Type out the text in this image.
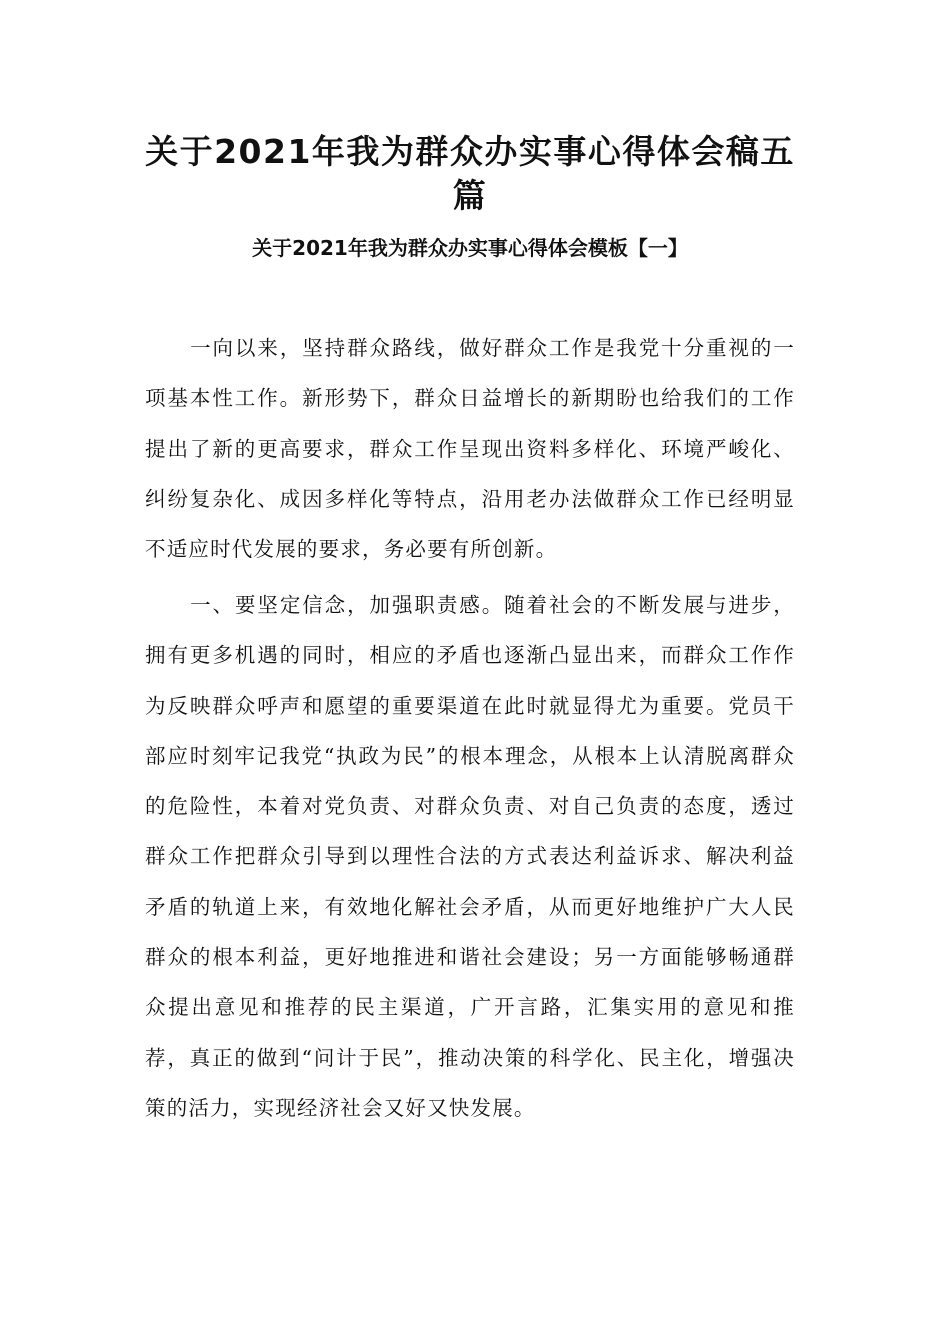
关于2021年我为群众办实事心得体会稿五篇
关于2021年我为群众办实事心得体会模板【一】

一向以来，坚持群众路线，做好群众工作是我党十分重视的一项基本性工作。新形势下，群众日益增长的新期盼也给我们的工作提出了新的更高要求，群众工作呈现出资料多样化、环境严峻化、纠纷复杂化、成因多样化等特点，沿用老办法做群众工作已经明显不适应时代发展的要求，务必要有所创新。

一、要坚定信念，加强职责感。随着社会的不断发展与进步，拥有更多机遇的同时，相应的矛盾也逐渐凸显出来，而群众工作作为反映群众呼声和愿望的重要渠道在此时就显得尤为重要。党员干部应时刻牢记我党“执政为民”的根本理念，从根本上认清脱离群众的危险性，本着对党负责、对群众负责、对自己负责的态度，透过群众工作把群众引导到以理性合法的方式表达利益诉求、解决利益矛盾的轨道上来，有效地化解社会矛盾，从而更好地维护广大人民群众的根本利益，更好地推进和谐社会建设；另一方面能够畅通群众提出意见和推荐的民主渠道，广开言路，汇集实用的意见和推荐，真正的做到“问计于民”，推动决策的科学化、民主化，增强决策的活力，实现经济社会又好又快发展。
